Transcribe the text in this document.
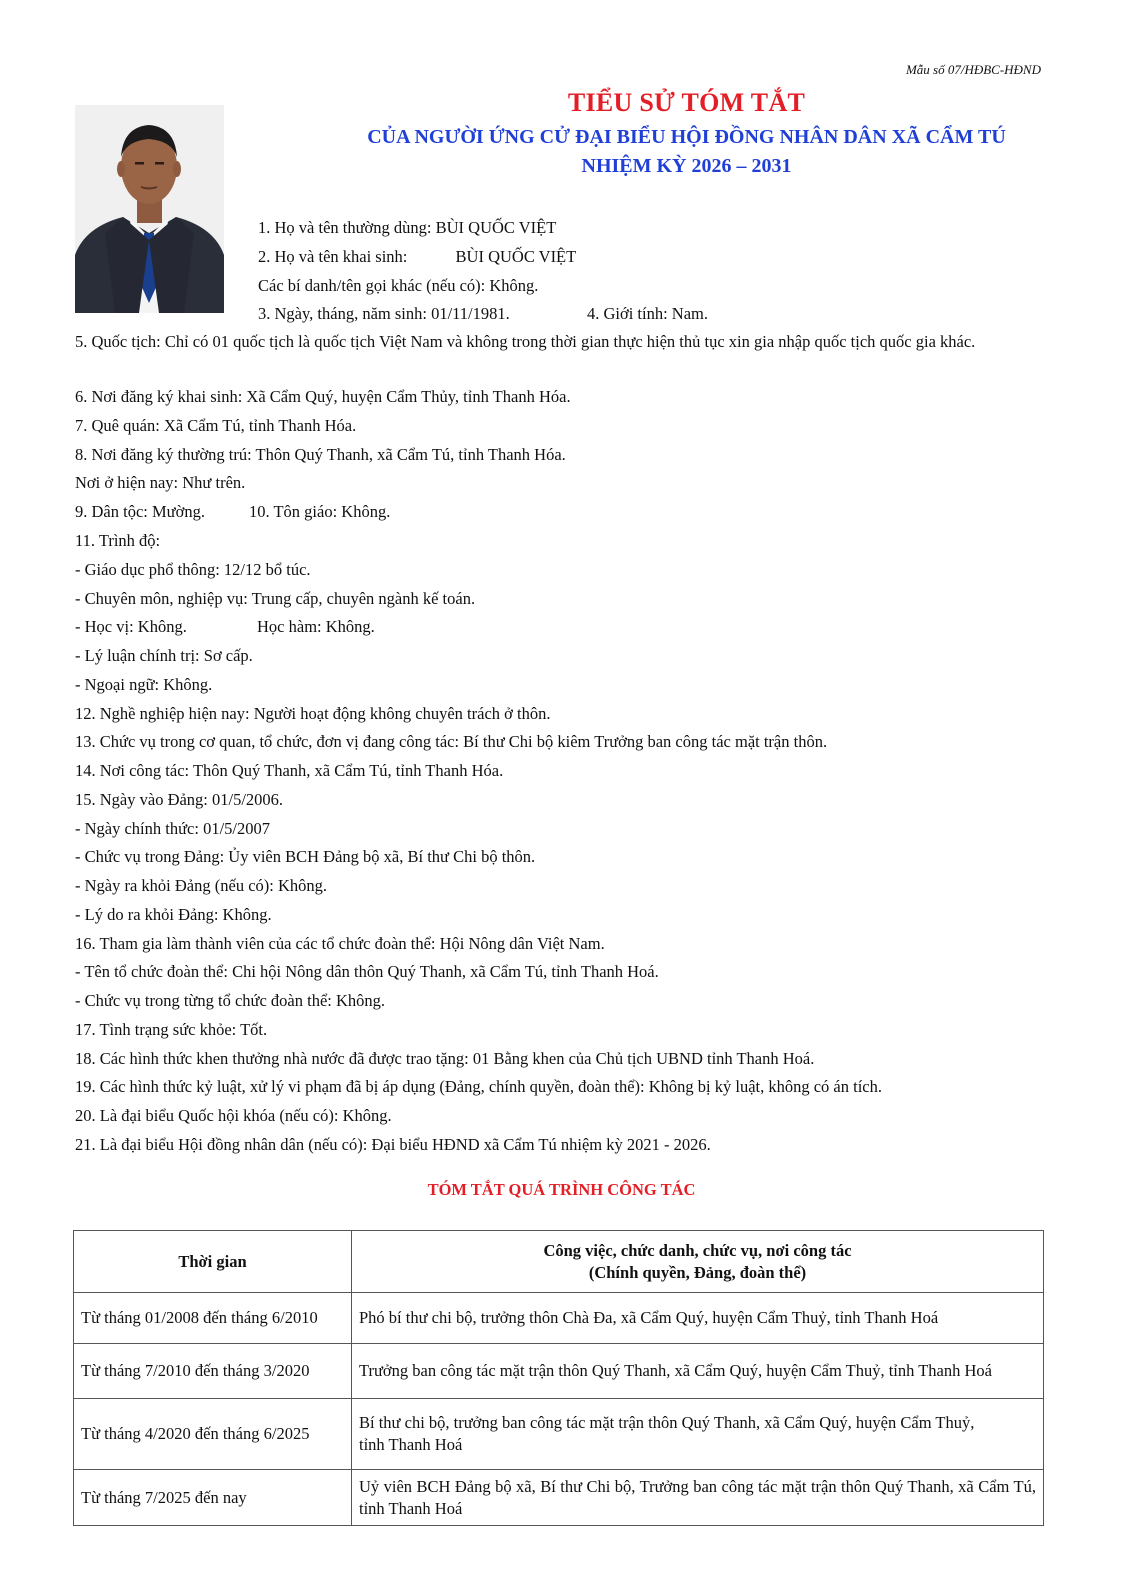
Mẫu số 07/HĐBC-HĐND
TIỂU SỬ TÓM TẮT
CỦA NGƯỜI ỨNG CỬ ĐẠI BIỂU HỘI ĐỒNG NHÂN DÂN XÃ CẨM TÚ
NHIỆM KỲ 2026 – 2031
1. Họ và tên thường dùng: BÙI QUỐC VIỆT
2. Họ và tên khai sinh:	BÙI QUỐC VIỆT
Các bí danh/tên gọi khác (nếu có): Không.
3. Ngày, tháng, năm sinh: 01/11/1981.	4. Giới tính: Nam.
5. Quốc tịch: Chỉ có 01 quốc tịch là quốc tịch Việt Nam và không trong thời gian thực hiện thủ tục xin gia nhập quốc tịch quốc gia khác.
6. Nơi đăng ký khai sinh: Xã Cẩm Quý, huyện Cẩm Thủy, tỉnh Thanh Hóa.
7. Quê quán: Xã Cẩm Tú, tỉnh Thanh Hóa.
8. Nơi đăng ký thường trú: Thôn Quý Thanh, xã Cẩm Tú, tỉnh Thanh Hóa.
Nơi ở hiện nay: Như trên.
9. Dân tộc: Mường.	10. Tôn giáo: Không.
11. Trình độ:
- Giáo dục phổ thông: 12/12 bổ túc.
- Chuyên môn, nghiệp vụ: Trung cấp, chuyên ngành kế toán.
- Học vị: Không.	Học hàm: Không.
- Lý luận chính trị: Sơ cấp.
- Ngoại ngữ: Không.
12. Nghề nghiệp hiện nay: Người hoạt động không chuyên trách ở thôn.
13. Chức vụ trong cơ quan, tổ chức, đơn vị đang công tác: Bí thư Chi bộ kiêm Trưởng ban công tác mặt trận thôn.
14. Nơi công tác: Thôn Quý Thanh, xã Cẩm Tú, tỉnh Thanh Hóa.
15. Ngày vào Đảng: 01/5/2006.
- Ngày chính thức: 01/5/2007
- Chức vụ trong Đảng: Ủy viên BCH Đảng bộ xã, Bí thư Chi bộ thôn.
- Ngày ra khỏi Đảng (nếu có): Không.
- Lý do ra khỏi Đảng: Không.
16. Tham gia làm thành viên của các tổ chức đoàn thể: Hội Nông dân Việt Nam.
- Tên tổ chức đoàn thể: Chi hội Nông dân thôn Quý Thanh, xã Cẩm Tú, tỉnh Thanh Hoá.
- Chức vụ trong từng tổ chức đoàn thể: Không.
17. Tình trạng sức khỏe: Tốt.
18. Các hình thức khen thưởng nhà nước đã được trao tặng: 01 Bằng khen của Chủ tịch UBND tỉnh Thanh Hoá.
19. Các hình thức kỷ luật, xử lý vi phạm đã bị áp dụng (Đảng, chính quyền, đoàn thể): Không bị kỷ luật, không có án tích.
20. Là đại biểu Quốc hội khóa (nếu có): Không.
21. Là đại biểu Hội đồng nhân dân (nếu có): Đại biểu HĐND xã Cẩm Tú nhiệm kỳ 2021 - 2026.
TÓM TẮT QUÁ TRÌNH CÔNG TÁC
Thời gian	Công việc, chức danh, chức vụ, nơi công tác
(Chính quyền, Đảng, đoàn thể)

Từ tháng 01/2008 đến tháng 6/2010	Phó bí thư chi bộ, trưởng thôn Chà Đa, xã Cẩm Quý, huyện Cẩm Thuỷ, tỉnh Thanh Hoá
Từ tháng 7/2010 đến tháng 3/2020	Trưởng ban công tác mặt trận thôn Quý Thanh, xã Cẩm Quý, huyện Cẩm Thuỷ, tỉnh Thanh Hoá
Từ tháng 4/2020 đến tháng 6/2025	Bí thư chi bộ, trưởng ban công tác mặt trận thôn Quý Thanh, xã Cẩm Quý, huyện Cẩm Thuỷ,
tỉnh Thanh Hoá

Từ tháng 7/2025 đến nay	Uỷ viên BCH Đảng bộ xã, Bí thư Chi bộ, Trưởng ban công tác mặt trận thôn Quý Thanh, xã Cẩm Tú, tỉnh Thanh Hoá
